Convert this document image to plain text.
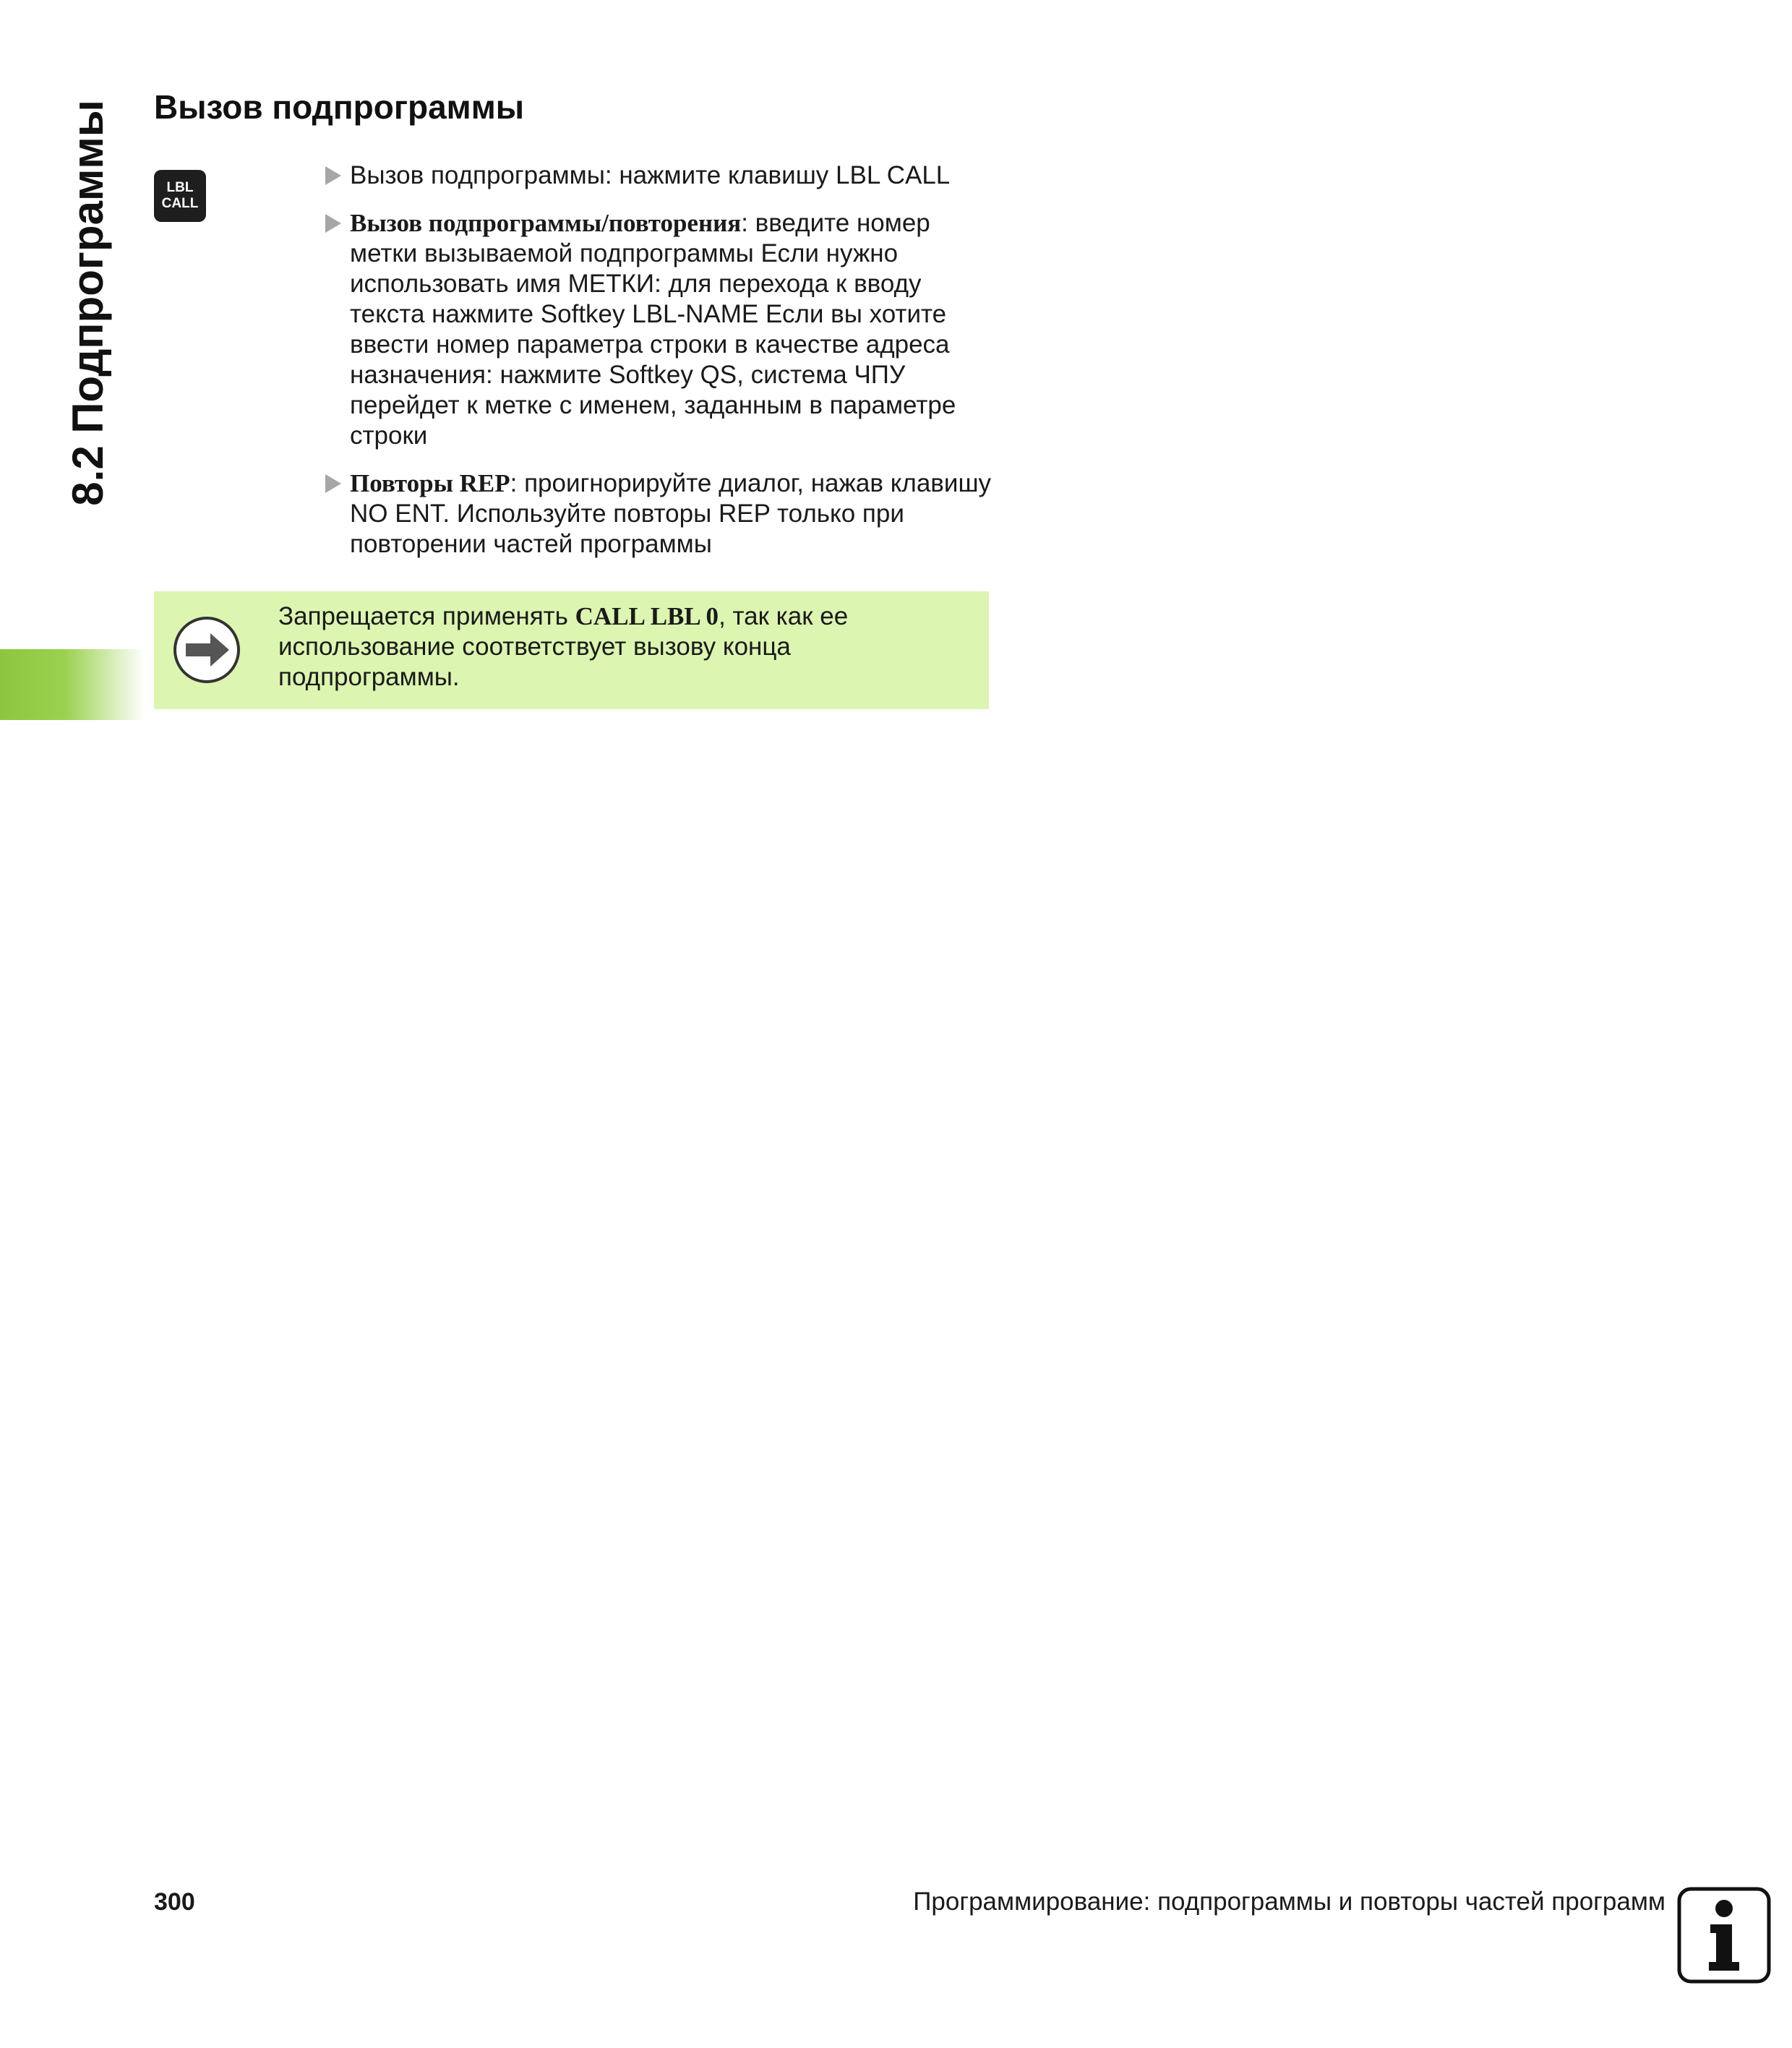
8.2 Подпрограммы	Вызов подпрограммы
LBL
CALL
Вызов подпрограммы: нажмите клавишу LBL CALL
Вызов подпрограммы/повторения: введите номер метки вызываемой подпрограммы Если нужно использовать имя МЕТКИ: для перехода к вводу текста нажмите Softkey LBL-NAME Если вы хотите ввести номер параметра строки в качестве адреса назначения: нажмите Softkey QS, система ЧПУ перейдет к метке с именем, заданным в параметре строки
Повторы REP: проигнорируйте диалог, нажав клавишу NO ENT. Используйте повторы REP только при повторении частей программы
Запрещается применять CALL LBL 0, так как ее использование соответствует вызову конца подпрограммы.
300	Программирование: подпрограммы и повторы частей программ
